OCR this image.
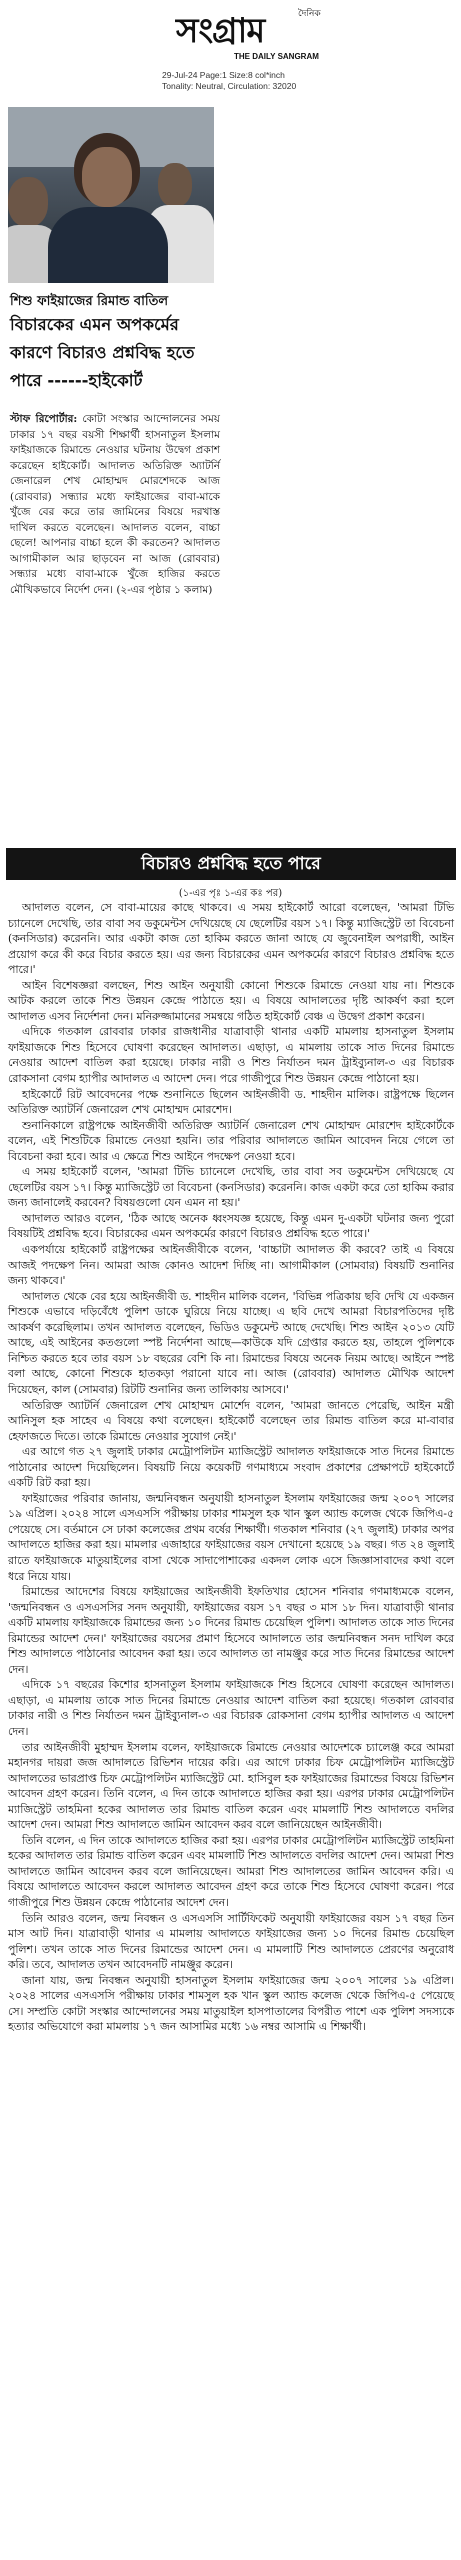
দৈনিক
সংগ্রাম
THE DAILY SANGRAM
29-Jul-24 Page:1 Size:8 col*inch
Tonality: Neutral, Circulation: 32020
শিশু ফাইয়াজের রিমান্ড বাতিল
বিচারকের এমন অপকর্মের কারণে বিচারও প্রশ্নবিদ্ধ হতে পারে ------হাইকোর্ট
স্টাফ রিপোর্টার: কোটা সংস্কার আন্দোলনের সময় ঢাকার ১৭ বছর বয়সী শিক্ষার্থী হাসনাতুল ইসলাম ফাইয়াজকে রিমান্ডে নেওয়ার ঘটনায় উদ্বেগ প্রকাশ করেছেন হাইকোর্ট। আদালত অতিরিক্ত অ্যাটর্নি জেনারেল শেখ মোহাম্মদ মোরশেদকে আজ (রোববার) সন্ধ্যার মধ্যে ফাইয়াজের বাবা-মাকে খুঁজে বের করে তার জামিনের বিষয়ে দরখাস্ত দাখিল করতে বলেছেন। আদালত বলেন, বাচ্চা ছেলে! আপনার বাচ্চা হলে কী করতেন? আদালত আগামীকাল আর ছাড়বেন না আজ (রোববার) সন্ধ্যার মধ্যে বাবা-মাকে খুঁজে হাজির করতে মৌখিকভাবে নির্দেশ দেন। (২-এর পৃষ্ঠার ১ কলাম)
বিচারও প্রশ্নবিদ্ধ হতে পারে
(১-এর পৃঃ ১-এর কঃ পর)

আদালত বলেন, সে বাবা-মায়ের কাছে থাকবে। এ সময় হাইকোর্ট আরো বলেছেন, 'আমরা টিভি চ্যানেলে দেখেছি, তার বাবা সব ডকুমেন্টস দেখিয়েছে যে ছেলেটির বয়স ১৭। কিন্তু ম্যাজিস্ট্রেট তা বিবেচনা (কনসিডার) করেননি। আর একটা কাজ তো হাকিম করতে জানা আছে যে জুবেনাইল অপরাধী, আইন প্রয়োগ করে কী করে বিচার করতে হয়। এর জন্য বিচারকের এমন অপকর্মের কারণে বিচারও প্রশ্নবিদ্ধ হতে পারে।'

আইন বিশেষজ্ঞরা বলছেন, শিশু আইন অনুযায়ী কোনো শিশুকে রিমান্ডে নেওয়া যায় না। শিশুকে আটক করলে তাকে শিশু উন্নয়ন কেন্দ্রে পাঠাতে হয়। এ বিষয়ে আদালতের দৃষ্টি আকর্ষণ করা হলে আদালত এসব নির্দেশনা দেন। মনিরুজ্জামানের সমন্বয়ে গঠিত হাইকোর্ট বেঞ্চ এ উদ্বেগ প্রকাশ করেন।

এদিকে গতকাল রোববার ঢাকার রাজধানীর যাত্রাবাড়ী থানার একটি মামলায় হাসনাতুল ইসলাম ফাইয়াজকে শিশু হিসেবে ঘোষণা করেছেন আদালত। এছাড়া, এ মামলায় তাকে সাত দিনের রিমান্ডে নেওয়ার আদেশ বাতিল করা হয়েছে। ঢাকার নারী ও শিশু নির্যাতন দমন ট্রাইব্যুনাল-৩ এর বিচারক রোকসানা বেগম হ্যাপীর আদালত এ আদেশ দেন। পরে গাজীপুরে শিশু উন্নয়ন কেন্দ্রে পাঠানো হয়।

হাইকোর্টে রিট আবেদনের পক্ষে শুনানিতে ছিলেন আইনজীবী ড. শাহদীন মালিক। রাষ্ট্রপক্ষে ছিলেন অতিরিক্ত অ্যাটর্নি জেনারেল শেখ মোহাম্মদ মোরশেদ।

শুনানিকালে রাষ্ট্রপক্ষে আইনজীবী অতিরিক্ত অ্যাটর্নি জেনারেল শেখ মোহাম্মদ মোরশেদ হাইকোর্টকে বলেন, এই শিশুটিকে রিমান্ডে নেওয়া হয়নি। তার পরিবার আদালতে জামিন আবেদন নিয়ে গেলে তা বিবেচনা করা হবে। আর এ ক্ষেত্রে শিশু আইনে পদক্ষেপ নেওয়া হবে।

এ সময় হাইকোর্ট বলেন, 'আমরা টিভি চ্যানেলে দেখেছি, তার বাবা সব ডকুমেন্টস দেখিয়েছে যে ছেলেটির বয়স ১৭। কিন্তু ম্যাজিস্ট্রেট তা বিবেচনা (কনসিডার) করেননি। কাজ একটা করে তো হাকিম করার জন্য জানালেই করবেন? বিষয়গুলো যেন এমন না হয়।'

আদালত আরও বলেন, 'ঠিক আছে অনেক ধ্বংসযজ্ঞ হয়েছে, কিন্তু এমন দু-একটা ঘটনার জন্য পুরো বিষয়টিই প্রশ্নবিদ্ধ হবে। বিচারকের এমন অপকর্মের কারণে বিচারও প্রশ্নবিদ্ধ হতে পারে।'

একপর্যায়ে হাইকোর্ট রাষ্ট্রপক্ষের আইনজীবীকে বলেন, 'বাচ্চাটা আদালত কী করবে? তাই এ বিষয়ে আজই পদক্ষেপ নিন। আমরা আজ কোনও আদেশ দিচ্ছি না। আগামীকাল (সোমবার) বিষয়টি শুনানির জন্য থাকবে।'

আদালত থেকে বের হয়ে আইনজীবী ড. শাহদীন মালিক বলেন, 'বিভিন্ন পত্রিকায় ছবি দেখি যে একজন শিশুকে এভাবে দড়িবেঁধে পুলিশ ডাকে ঘুরিয়ে নিয়ে যাচ্ছে। এ ছবি দেখে আমরা বিচারপতিদের দৃষ্টি আকর্ষণ করেছিলাম। তখন আদালত বলেছেন, ভিডিও ডকুমেন্ট আছে দেখেছি। শিশু আইন ২০১৩ যেটি আছে, এই আইনের কতগুলো স্পষ্ট নির্দেশনা আছে—কাউকে যদি গ্রেপ্তার করতে হয়, তাহলে পুলিশকে নিশ্চিত করতে হবে তার বয়স ১৮ বছরের বেশি কি না। রিমান্ডের বিষয়ে অনেক নিয়ম আছে। আইনে স্পষ্ট বলা আছে, কোনো শিশুকে হাতকড়া পরানো যাবে না। আজ (রোববার) আদালত মৌখিক আদেশ দিয়েছেন, কাল (সোমবার) রিটটি শুনানির জন্য তালিকায় আসবে।'

অতিরিক্ত অ্যাটর্নি জেনারেল শেখ মোহাম্মদ মোর্শেদ বলেন, 'আমরা জানতে পেরেছি, আইন মন্ত্রী আনিসুল হক সাহেব এ বিষয়ে কথা বলেছেন। হাইকোর্ট বলেছেন তার রিমান্ড বাতিল করে মা-বাবার হেফাজতে দিতে। তাকে রিমান্ডে নেওয়ার সুযোগ নেই।'

এর আগে গত ২৭ জুলাই ঢাকার মেট্রোপলিটন ম্যাজিস্ট্রেট আদালত ফাইয়াজকে সাত দিনের রিমান্ডে পাঠানোর আদেশ দিয়েছিলেন। বিষয়টি নিয়ে কয়েকটি গণমাধ্যমে সংবাদ প্রকাশের প্রেক্ষাপটে হাইকোর্টে একটি রিট করা হয়।

ফাইয়াজের পরিবার জানায়, জন্মনিবন্ধন অনুযায়ী হাসনাতুল ইসলাম ফাইয়াজের জন্ম ২০০৭ সালের ১৯ এপ্রিল। ২০২৪ সালে এসএসসি পরীক্ষায় ঢাকার শামসুল হক খান স্কুল অ্যান্ড কলেজ থেকে জিপিএ-৫ পেয়েছে সে। বর্তমানে সে ঢাকা কলেজের প্রথম বর্ষের শিক্ষার্থী। গতকাল শনিবার (২৭ জুলাই) ঢাকার অপর আদালতে হাজির করা হয়। মামলার এজাহারে ফাইয়াজের বয়স দেখানো হয়েছে ১৯ বছর। গত ২৪ জুলাই রাতে ফাইয়াজকে মাতুয়াইলের বাসা থেকে সাদাপোশাকের একদল লোক এসে জিজ্ঞাসাবাদের কথা বলে ধরে নিয়ে যায়।

রিমান্ডের আদেশের বিষয়ে ফাইয়াজের আইনজীবী ইফতিখার হোসেন শনিবার গণমাধ্যমকে বলেন, 'জন্মনিবন্ধন ও এসএসসির সনদ অনুযায়ী, ফাইয়াজের বয়স ১৭ বছর ৩ মাস ১৮ দিন। যাত্রাবাড়ী থানার একটি মামলায় ফাইয়াজকে রিমান্ডের জন্য ১০ দিনের রিমান্ড চেয়েছিল পুলিশ। আদালত তাকে সাত দিনের রিমান্ডের আদেশ দেন।' ফাইয়াজের বয়সের প্রমাণ হিসেবে আদালতে তার জন্মনিবন্ধন সনদ দাখিল করে শিশু আদালতে পাঠানোর আবেদন করা হয়। তবে আদালত তা নামঞ্জুর করে সাত দিনের রিমান্ডের আদেশ দেন।

এদিকে ১৭ বছরের কিশোর হাসনাতুল ইসলাম ফাইয়াজকে শিশু হিসেবে ঘোষণা করেছেন আদালত। এছাড়া, এ মামলায় তাকে সাত দিনের রিমান্ডে নেওয়ার আদেশ বাতিল করা হয়েছে। গতকাল রোববার ঢাকার নারী ও শিশু নির্যাতন দমন ট্রাইব্যুনাল-৩ এর বিচারক রোকসানা বেগম হ্যাপীর আদালত এ আদেশ দেন।

তার আইনজীবী মুহাম্মদ ইসলাম বলেন, ফাইয়াজকে রিমান্ডে নেওয়ার আদেশকে চ্যালেঞ্জ করে আমরা মহানগর দায়রা জজ আদালতে রিভিশন দায়ের করি। এর আগে ঢাকার চিফ মেট্রোপলিটন ম্যাজিস্ট্রেট আদালতের ভারপ্রাপ্ত চিফ মেট্রোপলিটন ম্যাজিস্ট্রেট মো. হাসিবুল হক ফাইয়াজের রিমান্ডের বিষয়ে রিভিশন আবেদন গ্রহণ করেন। তিনি বলেন, এ দিন তাকে আদালতে হাজির করা হয়। এরপর ঢাকার মেট্রোপলিটন ম্যাজিস্ট্রেট তাহমিনা হকের আদালত তার রিমান্ড বাতিল করেন এবং মামলাটি শিশু আদালতে বদলির আদেশ দেন। আমরা শিশু আদালতে জামিন আবেদন করব বলে জানিয়েছেন আইনজীবী।

তিনি বলেন, এ দিন তাকে আদালতে হাজির করা হয়। এরপর ঢাকার মেট্রোপলিটন ম্যাজিস্ট্রেট তাহমিনা হকের আদালত তার রিমান্ড বাতিল করেন এবং মামলাটি শিশু আদালতে বদলির আদেশ দেন। আমরা শিশু আদালতে জামিন আবেদন করব বলে জানিয়েছেন। আমরা শিশু আদালতের জামিন আবেদন করি। এ বিষয়ে আদালতে আবেদন করলে আদালত আবেদন গ্রহণ করে তাকে শিশু হিসেবে ঘোষণা করেন। পরে গাজীপুরে শিশু উন্নয়ন কেন্দ্রে পাঠানোর আদেশ দেন।

তিনি আরও বলেন, জন্ম নিবন্ধন ও এসএসসি সার্টিফিকেট অনুযায়ী ফাইয়াজের বয়স ১৭ বছর তিন মাস আট দিন। যাত্রাবাড়ী থানার এ মামলায় আদালতে ফাইয়াজের জন্য ১০ দিনের রিমান্ড চেয়েছিল পুলিশ। তখন তাকে সাত দিনের রিমান্ডের আদেশ দেন। এ মামলাটি শিশু আদালতে প্রেরণের অনুরোধ করি। তবে, আদালত তখন আবেদনটি নামঞ্জুর করেন।

জানা যায়, জন্ম নিবন্ধন অনুযায়ী হাসনাতুল ইসলাম ফাইয়াজের জন্ম ২০০৭ সালের ১৯ এপ্রিল। ২০২৪ সালের এসএসসি পরীক্ষায় ঢাকার শামসুল হক খান স্কুল অ্যান্ড কলেজ থেকে জিপিএ-৫ পেয়েছে সে। সম্প্রতি কোটা সংস্কার আন্দোলনের সময় মাতুয়াইল হাসপাতালের বিপরীত পাশে এক পুলিশ সদস্যকে হত্যার অভিযোগে করা মামলায় ১৭ জন আসামির মধ্যে ১৬ নম্বর আসামি এ শিক্ষার্থী।
